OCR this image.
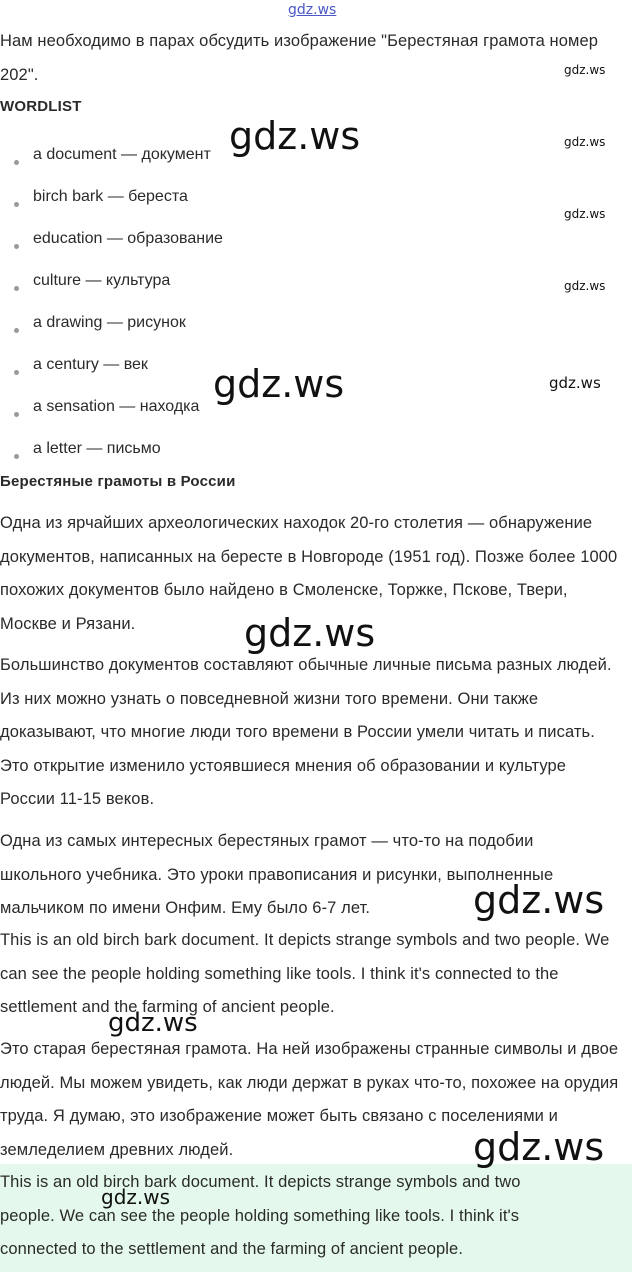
gdz.ws
Нам необходимо в парах обсудить изображение "Берестяная грамота номер
202".
WORDLIST
a document — документ
birch bark — береста
education — образование
culture — культура
a drawing — рисунок
a century — век
a sensation — находка
a letter — письмо
Берестяные грамоты в России
Одна из ярчайших археологических находок 20-го столетия — обнаружение
документов, написанных на бересте в Новгороде (1951 год). Позже более 1000
похожих документов было найдено в Смоленске, Торжке, Пскове, Твери,
Москве и Рязани.
Большинство документов составляют обычные личные письма разных людей.
Из них можно узнать о повседневной жизни того времени. Они также
доказывают, что многие люди того времени в России умели читать и писать.
Это открытие изменило устоявшиеся мнения об образовании и культуре
России 11-15 веков.
Одна из самых интересных берестяных грамот — что-то на подобии
школьного учебника. Это уроки правописания и рисунки, выполненные
мальчиком по имени Онфим. Ему было 6-7 лет.
This is an old birch bark document. It depicts strange symbols and two people. We
can see the people holding something like tools. I think it's connected to the
settlement and the farming of ancient people.
Это старая берестяная грамота. На ней изображены странные символы и двое
людей. Мы можем увидеть, как люди держат в руках что-то, похожее на орудия
труда. Я думаю, это изображение может быть связано с поселениями и
земледелием древних людей.
This is an old birch bark document. It depicts strange symbols and two
people. We can see the people holding something like tools. I think it's
connected to the settlement and the farming of ancient people.
gdz.ws
gdz.ws
gdz.ws
gdz.ws
gdz.ws
gdz.ws
gdz.ws
gdz.ws
gdz.ws
gdz.ws
gdz.ws
gdz.ws
